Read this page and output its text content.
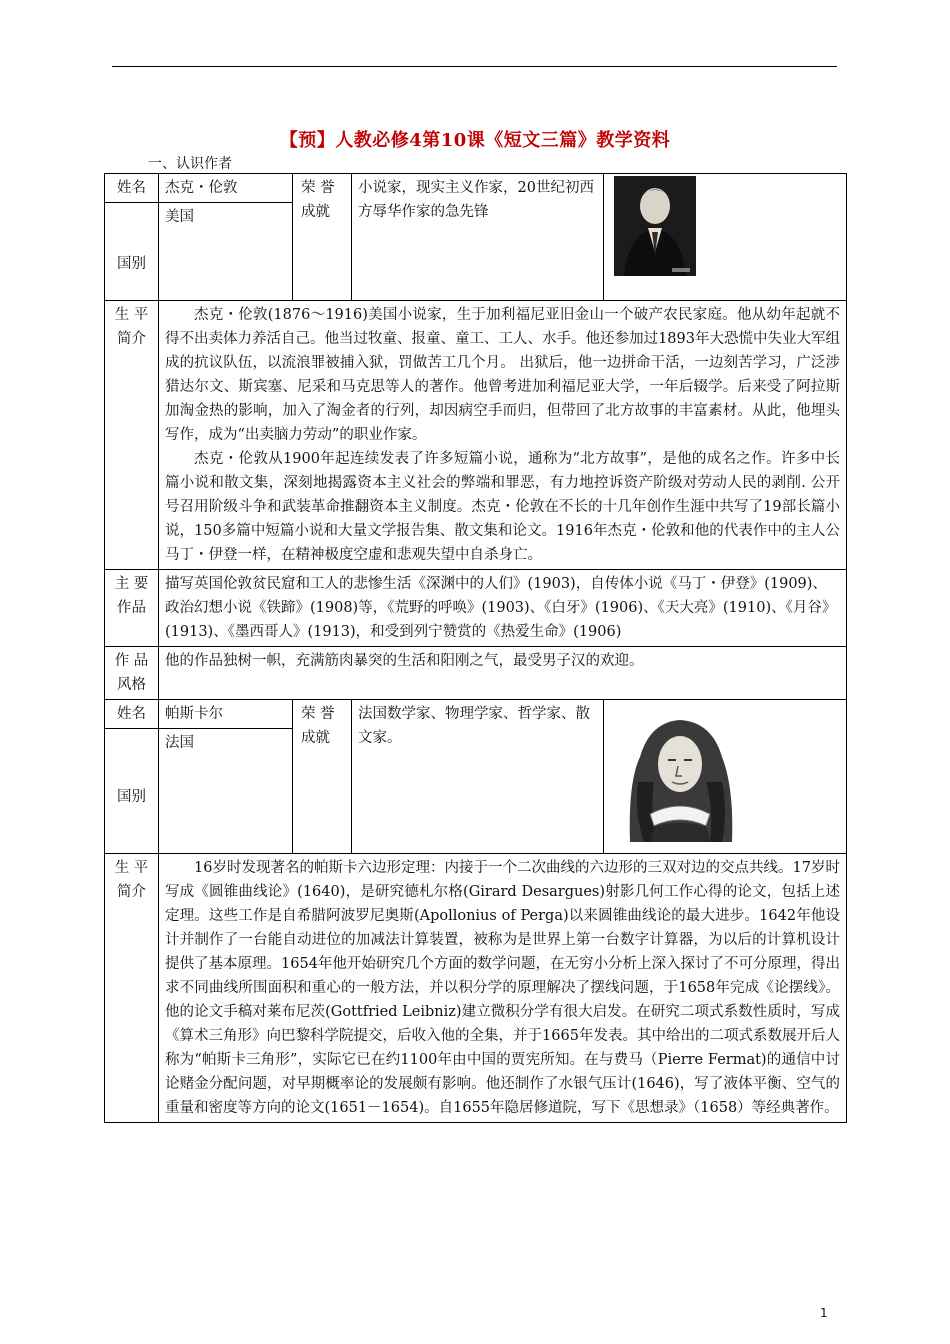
【预】人教必修4第10课《短文三篇》教学资料
一、认识作者
姓名	杰克・伦敦	荣 誉 成就	小说家，现实主义作家，20世纪初西方辱华作家的急先锋	

国别	美国			
生 平 简介	杰克・伦敦(1876～1916)美国小说家，生于加利福尼亚旧金山一个破产农民家庭。他从幼年起就不得不出卖体力养活自己。他当过牧童、报童、童工、工人、水手。他还参加过1893年大恐慌中失业大军组成的抗议队伍，以流浪罪被捕入狱，罚做苦工几个月。 出狱后，他一边拼命干活，一边刻苦学习，广泛涉猎达尔文、斯宾塞、尼采和马克思等人的著作。他曾考进加利福尼亚大学，一年后辍学。后来受了阿拉斯加淘金热的影响，加入了淘金者的行列，却因病空手而归，但带回了北方故事的丰富素材。从此，他埋头写作，成为“出卖脑力劳动”的职业作家。

杰克・伦敦从1900年起连续发表了许多短篇小说，通称为“北方故事”，是他的成名之作。许多中长篇小说和散文集，深刻地揭露资本主义社会的弊端和罪恶，有力地控诉资产阶级对劳动人民的剥削. 公开号召用阶级斗争和武装革命推翻资本主义制度。杰克・伦敦在不长的十几年创作生涯中共写了19部长篇小说，150多篇中短篇小说和大量文学报告集、散文集和论文。1916年杰克・伦敦和他的代表作中的主人公马丁・伊登一样，在精神极度空虚和悲观失望中自杀身亡。			

主 要 作品	描写英国伦敦贫民窟和工人的悲惨生活《深渊中的人们》(1903)，自传体小说《马丁・伊登》(1909)、政治幻想小说《铁蹄》(1908)等，《荒野的呼唤》(1903)、《白牙》(1906)、《天大亮》(1910)、《月谷》(1913)、《墨西哥人》(1913)，和受到列宁赞赏的《热爱生命》(1906)			
作 品 风格	他的作品独树一帜，充满筋肉暴突的生活和阳刚之气，最受男子汉的欢迎。			
姓名	帕斯卡尔	荣 誉 成就	法国数学家、物理学家、哲学家、散文家。	

国别	法国			
生 平 简介	16岁时发现著名的帕斯卡六边形定理：内接于一个二次曲线的六边形的三双对边的交点共线。17岁时写成《圆锥曲线论》(1640)，是研究德札尔格(Girard Desargues)射影几何工作心得的论文，包括上述定理。这些工作是自希腊阿波罗尼奥斯(Apollonius of Perga)以来圆锥曲线论的最大进步。1642年他设计并制作了一台能自动进位的加减法计算装置，被称为是世界上第一台数字计算器，为以后的计算机设计提供了基本原理。1654年他开始研究几个方面的数学问题，在无穷小分析上深入探讨了不可分原理，得出求不同曲线所围面积和重心的一般方法，并以积分学的原理解决了摆线问题，于1658年完成《论摆线》。他的论文手稿对莱布尼茨(Gottfried Leibniz)建立微积分学有很大启发。在研究二项式系数性质时，写成《算术三角形》向巴黎科学院提交，后收入他的全集，并于1665年发表。其中给出的二项式系数展开后人称为“帕斯卡三角形”，实际它已在约1100年由中国的贾宪所知。在与费马（Pierre Fermat)的通信中讨论赌金分配问题，对早期概率论的发展颇有影响。他还制作了水银气压计(1646)，写了液体平衡、空气的重量和密度等方向的论文(1651－1654)。自1655年隐居修道院，写下《思想录》（1658）等经典著作。			

1
